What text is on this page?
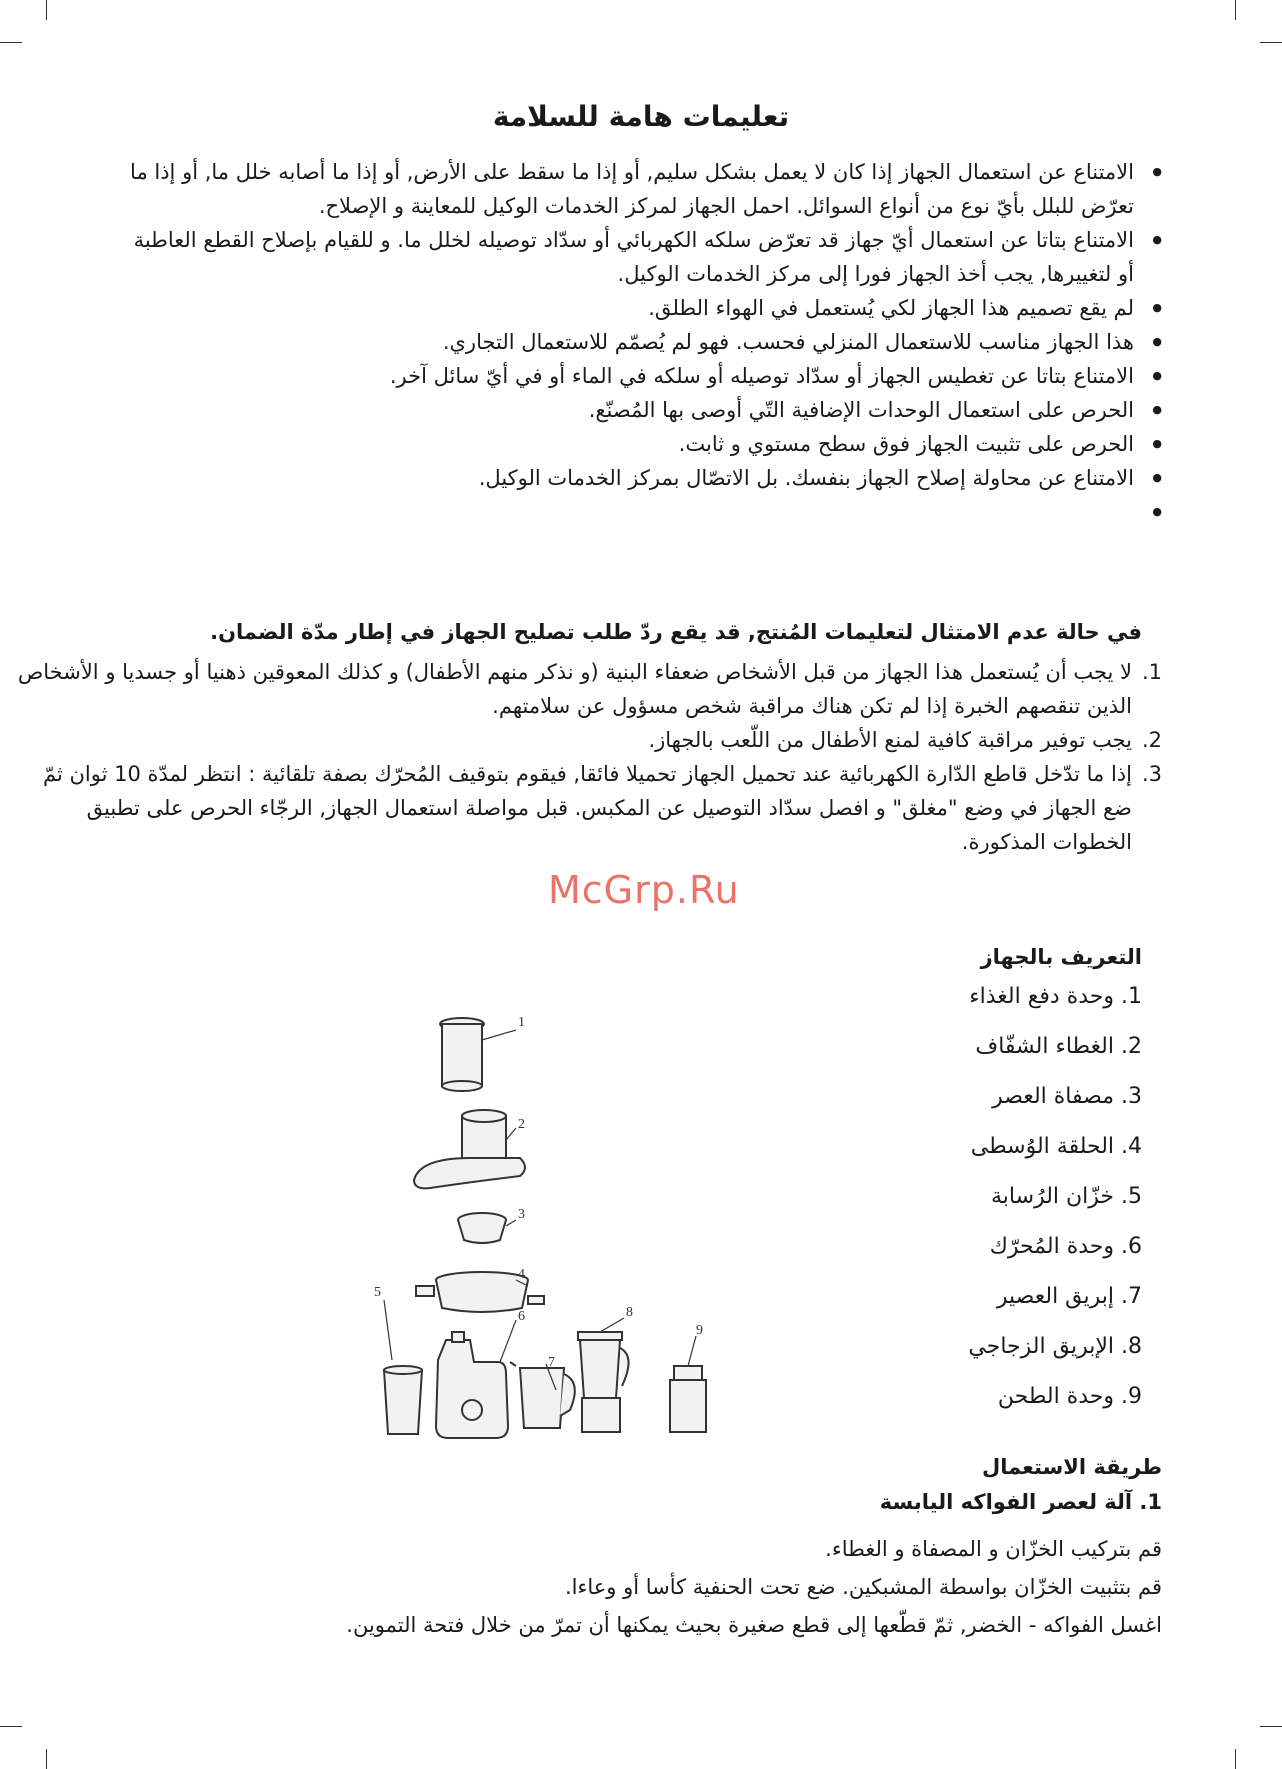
تعليمات هامة للسلامة
● الامتناع عن استعمال الجهاز إذا كان لا يعمل بشكل سليم, أو إذا ما سقط على الأرض, أو إذا ما أصابه خلل ما, أو إذا ما تعرّض للبلل بأيّ نوع من أنواع السوائل. احمل الجهاز لمركز الخدمات الوكيل للمعاينة و الإصلاح.
● الامتناع بتاتا عن استعمال أيّ جهاز قد تعرّض سلكه الكهربائي أو سدّاد توصيله لخلل ما. و للقيام بإصلاح القطع العاطبة أو لتغييرها, يجب أخذ الجهاز فورا إلى مركز الخدمات الوكيل.
● لم يقع تصميم هذا الجهاز لكي يُستعمل في الهواء الطلق.
● هذا الجهاز مناسب للاستعمال المنزلي فحسب. فهو لم يُصمّم للاستعمال التجاري.
● الامتناع بتاتا عن تغطيس الجهاز أو سدّاد توصيله أو سلكه في الماء أو في أيّ سائل آخر.
● الحرص على استعمال الوحدات الإضافية التّي أوصى بها المُصنّع.
● الحرص على تثبيت الجهاز فوق سطح مستوي و ثابت.
● الامتناع عن محاولة إصلاح الجهاز بنفسك. بل الاتصّال بمركز الخدمات الوكيل.
●
في حالة عدم الامتثال لتعليمات المُنتج, قد يقع ردّ طلب تصليح الجهاز في إطار مدّة الضمان.
1.
لا يجب أن يُستعمل هذا الجهاز من قبل الأشخاص ضعفاء البنية (و نذكر منهم الأطفال) و كذلك المعوقين ذهنيا أو جسديا و الأشخاص الذين تنقصهم الخبرة إذا لم تكن هناك مراقبة شخص مسؤول عن سلامتهم.
2.
يجب توفير مراقبة كافية لمنع الأطفال من اللّعب بالجهاز.
3.
إذا ما تدّخل قاطع الدّارة الكهربائية عند تحميل الجهاز تحميلا فائقا, فيقوم بتوقيف المُحرّك بصفة تلقائية : انتظر لمدّة 10 ثوان ثمّ ضع الجهاز في وضع "مغلق" و افصل سدّاد التوصيل عن المكبس. قبل مواصلة استعمال الجهاز, الرجّاء الحرص على تطبيق الخطوات المذكورة.
التعريف بالجهاز
1. وحدة دفع الغذاء
2. الغطاء الشفّاف
3. مصفاة العصر
4. الحلقة الوُسطى
5. خزّان الرُسابة
6. وحدة المُحرّك
7. إبريق العصير
8. الإبريق الزجاجي
9. وحدة الطحن
طريقة الاستعمال
1. آلة لعصر الفواكه اليابسة
قم بتركيب الخزّان و المصفاة و الغطاء.
قم بتثبيت الخزّان بواسطة المشبكين. ضع تحت الحنفية كأسا أو وعاءا.
اغسل الفواكه - الخضر, ثمّ قطّعها إلى قطع صغيرة بحيث يمكنها أن تمرّ من خلال فتحة التموين.
1
2
3
4
5
6
7
8
9
McGrp.Ru
